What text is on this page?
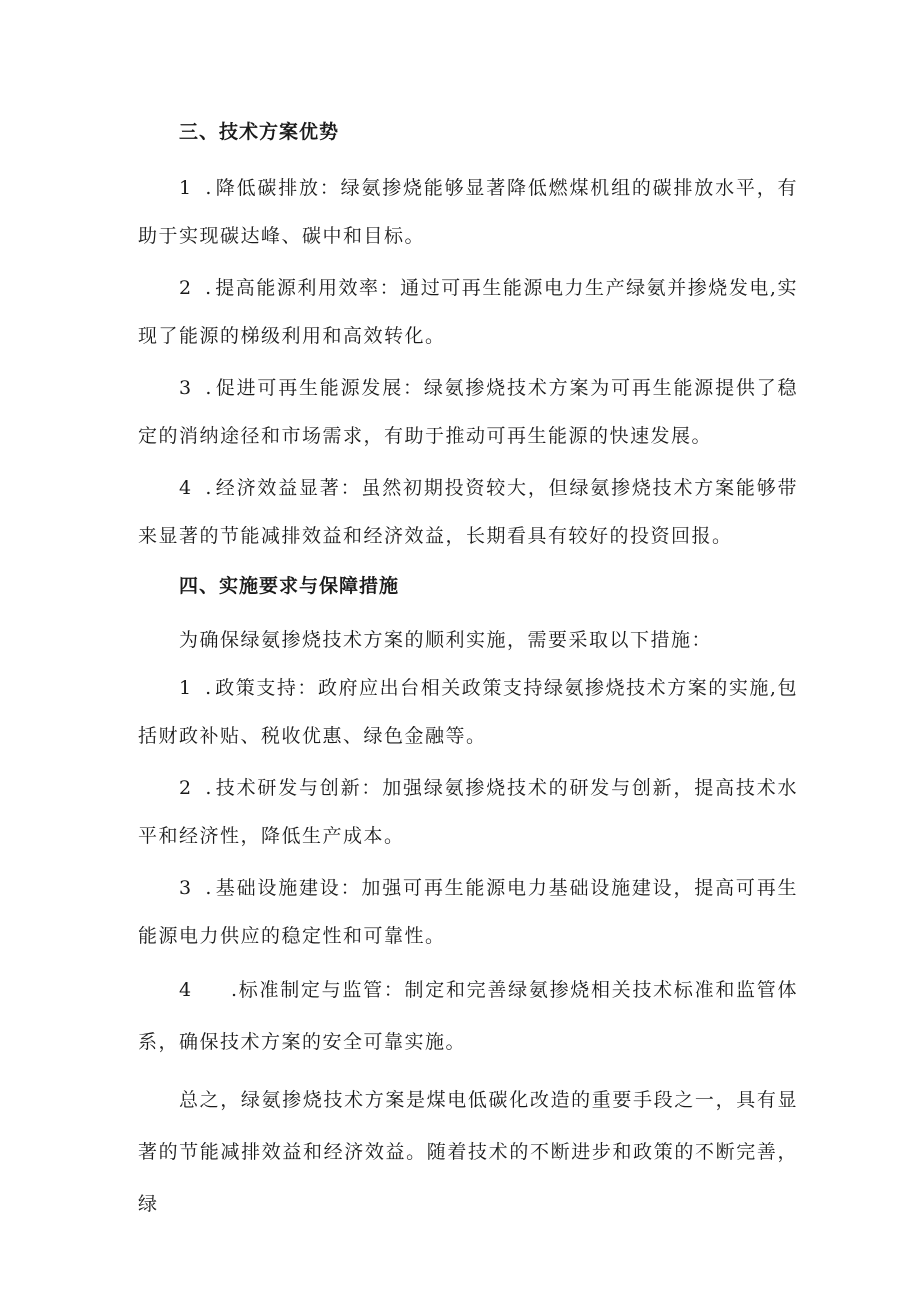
三、技术方案优势

1 .降低碳排放：绿氨掺烧能够显著降低燃煤机组的碳排放水平，有助于实现碳达峰、碳中和目标。

2 .提高能源利用效率：通过可再生能源电力生产绿氨并掺烧发电,实现了能源的梯级利用和高效转化。

3 .促进可再生能源发展：绿氨掺烧技术方案为可再生能源提供了稳定的消纳途径和市场需求，有助于推动可再生能源的快速发展。

4 .经济效益显著：虽然初期投资较大，但绿氨掺烧技术方案能够带来显著的节能减排效益和经济效益，长期看具有较好的投资回报。

四、实施要求与保障措施

为确保绿氨掺烧技术方案的顺利实施，需要采取以下措施：

1 .政策支持：政府应出台相关政策支持绿氨掺烧技术方案的实施,包括财政补贴、税收优惠、绿色金融等。

2 .技术研发与创新：加强绿氨掺烧技术的研发与创新，提高技术水平和经济性，降低生产成本。

3 .基础设施建设：加强可再生能源电力基础设施建设，提高可再生能源电力供应的稳定性和可靠性。

4 .标准制定与监管：制定和完善绿氨掺烧相关技术标准和监管体系，确保技术方案的安全可靠实施。

总之，绿氨掺烧技术方案是煤电低碳化改造的重要手段之一，具有显著的节能减排效益和经济效益。随着技术的不断进步和政策的不断完善，绿
